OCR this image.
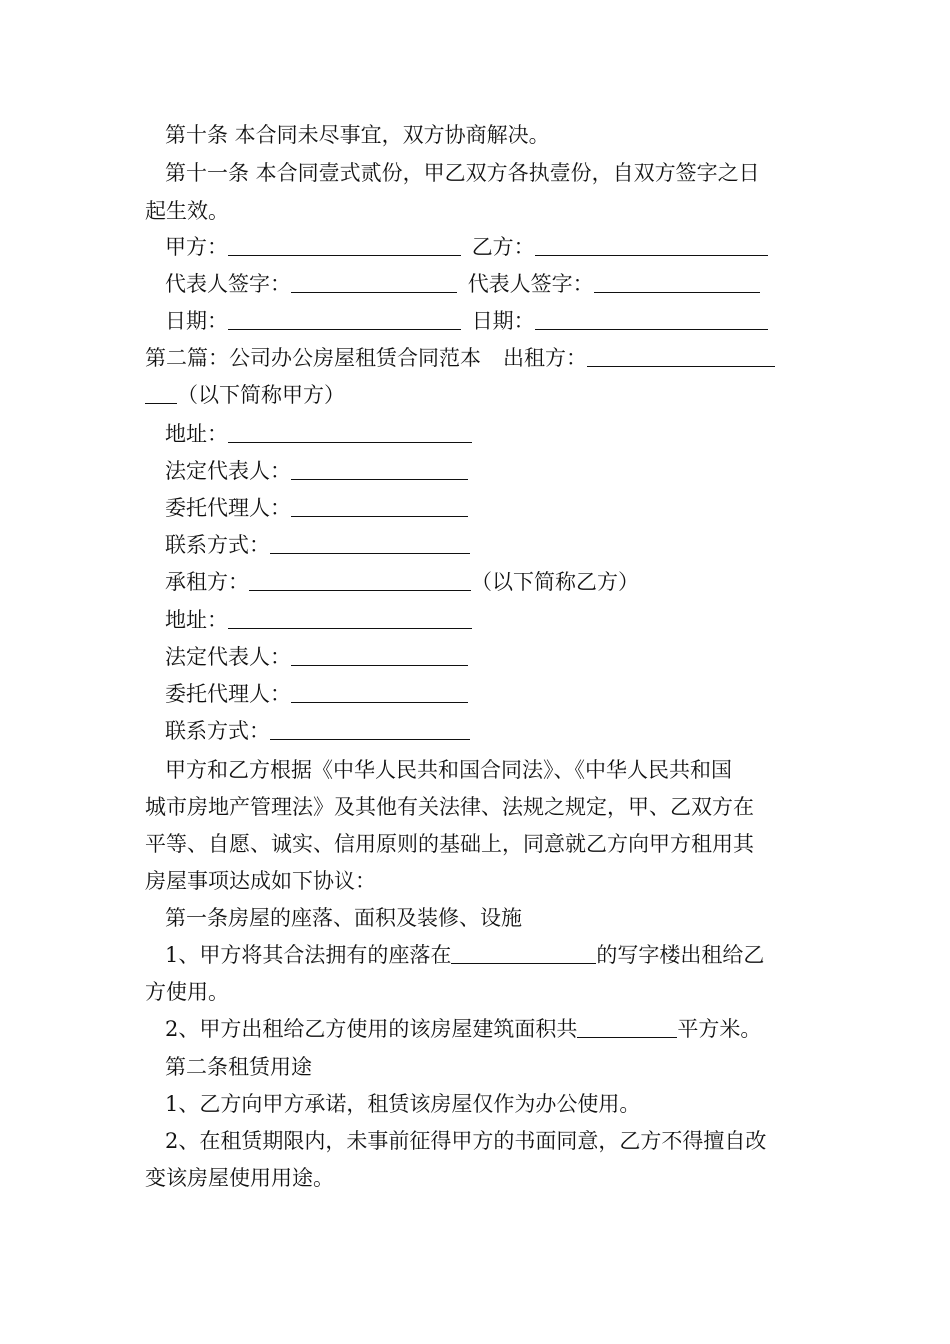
第十条 本合同未尽事宜，双方协商解决。
第十一条 本合同壹式贰份，甲乙双方各执壹份，自双方签字之日
起生效。
甲方：	乙方：
代表人签字：	代表人签字：
日期：	日期：
第二篇：公司办公房屋租赁合同范本 出租方：
（以下简称甲方）
地址：
法定代表人：
委托代理人：
联系方式：
承租方：	（以下简称乙方）
地址：
法定代表人：
委托代理人：
联系方式：
甲方和乙方根据《中华人民共和国合同法》、《中华人民共和国
城市房地产管理法》及其他有关法律、法规之规定，甲、乙双方在
平等、自愿、诚实、信用原则的基础上，同意就乙方向甲方租用其
房屋事项达成如下协议：
第一条房屋的座落、面积及装修、设施
1、甲方将其合法拥有的座落在	的写字楼出租给乙
方使用。
2、甲方出租给乙方使用的该房屋建筑面积共	平方米。
第二条租赁用途
1、乙方向甲方承诺，租赁该房屋仅作为办公使用。
2、在租赁期限内，未事前征得甲方的书面同意，乙方不得擅自改
变该房屋使用用途。
